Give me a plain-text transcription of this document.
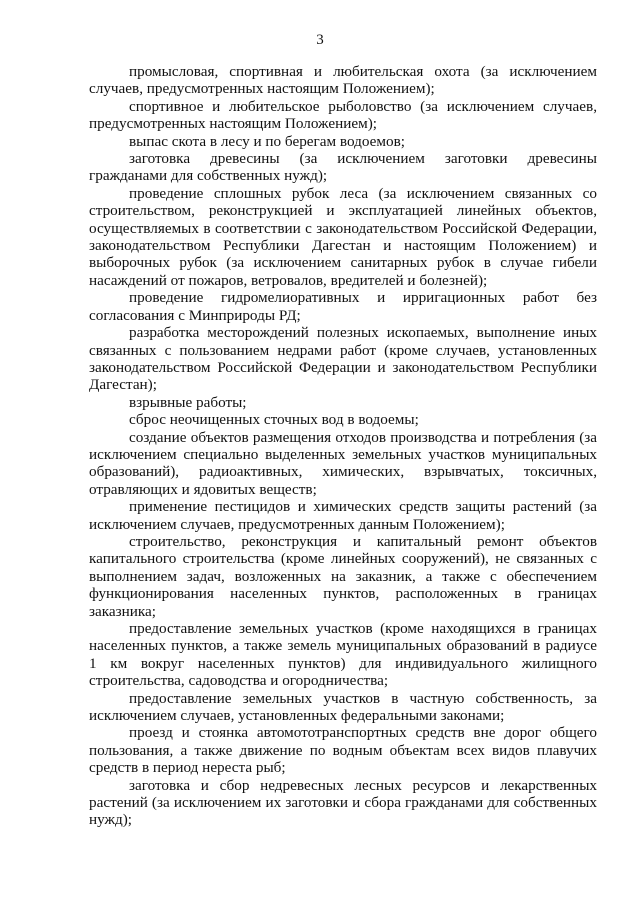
3

промысловая, спортивная и любительская охота (за исключением случаев, предусмотренных настоящим Положением);

спортивное и любительское рыболовство (за исключением случаев, предусмотренных настоящим Положением);

выпас скота в лесу и по берегам водоемов;

заготовка древесины (за исключением заготовки древесины гражданами для собственных нужд);

проведение сплошных рубок леса (за исключением связанных со строительством, реконструкцией и эксплуатацией линейных объектов, осуществляемых в соответствии с законодательством Российской Федерации, законодательством Республики Дагестан и настоящим Положением) и выборочных рубок (за исключением санитарных рубок в случае гибели насаждений от пожаров, ветровалов, вредителей и болезней);

проведение гидромелиоративных и ирригационных работ без согласования с Минприроды РД;

разработка месторождений полезных ископаемых, выполнение иных связанных с пользованием недрами работ (кроме случаев, установленных законодательством Российской Федерации и законодательством Республики Дагестан);

взрывные работы;

сброс неочищенных сточных вод в водоемы;

создание объектов размещения отходов производства и потребления (за исключением специально выделенных земельных участков муниципальных образований), радиоактивных, химических, взрывчатых, токсичных, отравляющих и ядовитых веществ;

применение пестицидов и химических средств защиты растений (за исключением случаев, предусмотренных данным Положением);

строительство, реконструкция и капитальный ремонт объектов капитального строительства (кроме линейных сооружений), не связанных с выполнением задач, возложенных на заказник, а также с обеспечением функционирования населенных пунктов, расположенных в границах заказника;

предоставление земельных участков (кроме находящихся в границах населенных пунктов, а также земель муниципальных образований в радиусе 1 км вокруг населенных пунктов) для индивидуального жилищного строительства, садоводства и огородничества;

предоставление земельных участков в частную собственность, за исключением случаев, установленных федеральными законами;

проезд и стоянка автомототранспортных средств вне дорог общего пользования, а также движение по водным объектам всех видов плавучих средств в период нереста рыб;

заготовка и сбор недревесных лесных ресурсов и лекарственных растений (за исключением их заготовки и сбора гражданами для собственных нужд);
